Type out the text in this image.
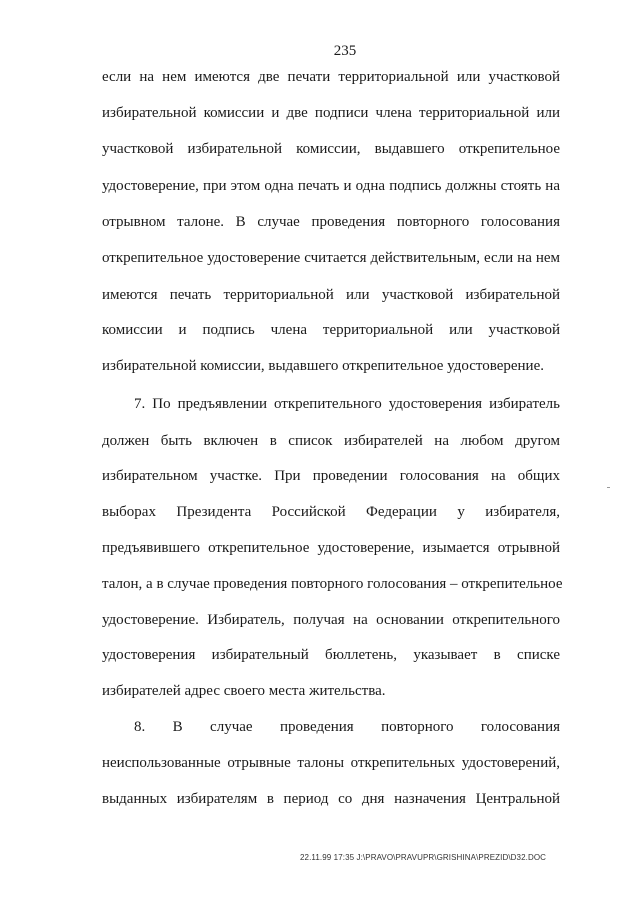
235
если на нем имеются две печати территориальной или участковой
избирательной комиссии и две подписи члена территориальной или
участковой избирательной комиссии, выдавшего открепительное
удостоверение, при этом одна печать и одна подпись должны стоять на
отрывном талоне. В случае проведения повторного голосования
открепительное удостоверение считается действительным, если на нем
имеются печать территориальной или участковой избирательной
комиссии и подпись члена территориальной или участковой
избирательной комиссии, выдавшего открепительное удостоверение.
7. По предъявлении открепительного удостоверения избиратель
должен быть включен в список избирателей на любом другом
избирательном участке. При проведении голосования на общих
выборах Президента Российской Федерации у избирателя,
предъявившего открепительное удостоверение, изымается отрывной
талон, а в случае проведения повторного голосования – открепительное
удостоверение. Избиратель, получая на основании открепительного
удостоверения избирательный бюллетень, указывает в списке
избирателей адрес своего места жительства.
8. В случае проведения повторного голосования
неиспользованные отрывные талоны открепительных удостоверений,
выданных избирателям в период со дня назначения Центральной
22.11.99 17:35 J:\PRAVO\PRAVUPR\GRISHINA\PREZID\D32.DOC
